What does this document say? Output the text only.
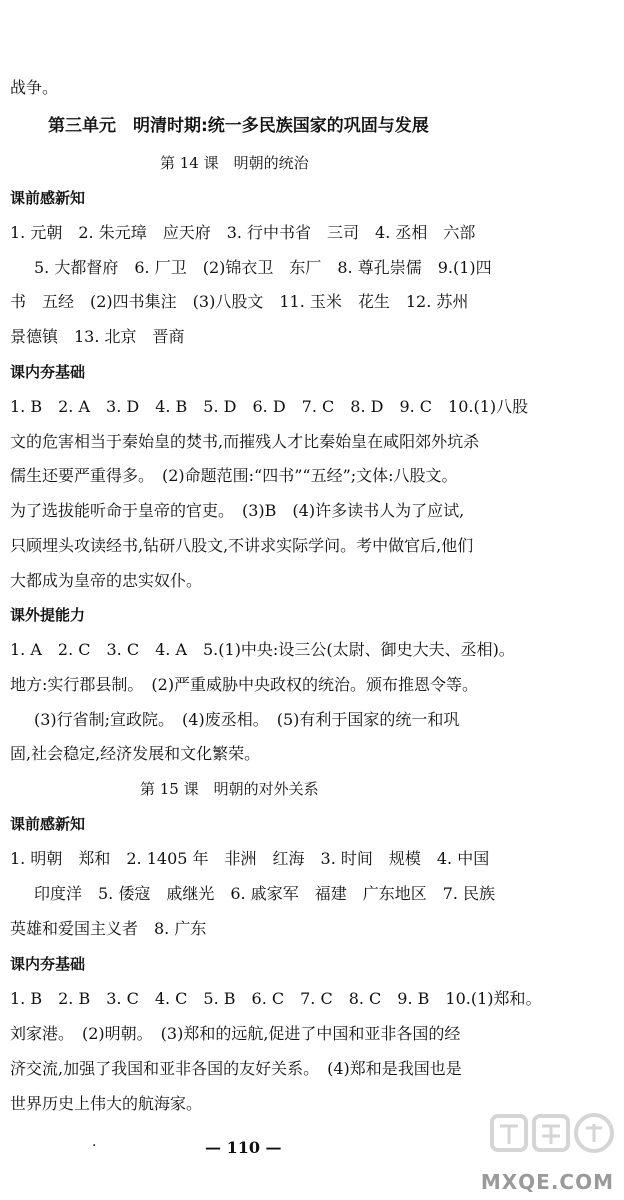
战争。
第三单元　明清时期:统一多民族国家的巩固与发展
第 14 课　明朝的统治
课前感新知
1. 元朝　2. 朱元璋　应天府　3. 行中书省　三司　4. 丞相　六部
5. 大都督府　6. 厂卫　(2)锦衣卫　东厂　8. 尊孔崇儒　9.(1)四
书　五经　(2)四书集注　(3)八股文　11. 玉米　花生　12. 苏州
景德镇　13. 北京　晋商
课内夯基础
1. B　2. A　3. D　4. B　5. D　6. D　7. C　8. D　9. C　10.(1)八股
文的危害相当于秦始皇的焚书,而摧残人才比秦始皇在咸阳郊外坑杀
儒生还要严重得多。　(2)命题范围:“四书”“五经”;文体:八股文。
为了选拔能听命于皇帝的官吏。　(3)B　(4)许多读书人为了应试,
只顾埋头攻读经书,钻研八股文,不讲求实际学问。考中做官后,他们
大都成为皇帝的忠实奴仆。
课外提能力
1. A　2. C　3. C　4. A　5.(1)中央:设三公(太尉、御史大夫、丞相)。
地方:实行郡县制。　(2)严重威胁中央政权的统治。颁布推恩令等。
(3)行省制;宣政院。　(4)废丞相。　(5)有利于国家的统一和巩
固,社会稳定,经济发展和文化繁荣。
第 15 课　明朝的对外关系
课前感新知
1. 明朝　郑和　2. 1405 年　非洲　红海　3. 时间　规模　4. 中国
印度洋　5. 倭寇　戚继光　6. 戚家军　福建　广东地区　7. 民族
英雄和爱国主义者　8. 广东
课内夯基础
1. B　2. B　3. C　4. C　5. B　6. C　7. C　8. C　9. B　10.(1)郑和。
刘家港。　(2)明朝。　(3)郑和的远航,促进了中国和亚非各国的经
济交流,加强了我国和亚非各国的友好关系。　(4)郑和是我国也是
世界历史上伟大的航海家。
.	— 110 —
MXQE.COM
